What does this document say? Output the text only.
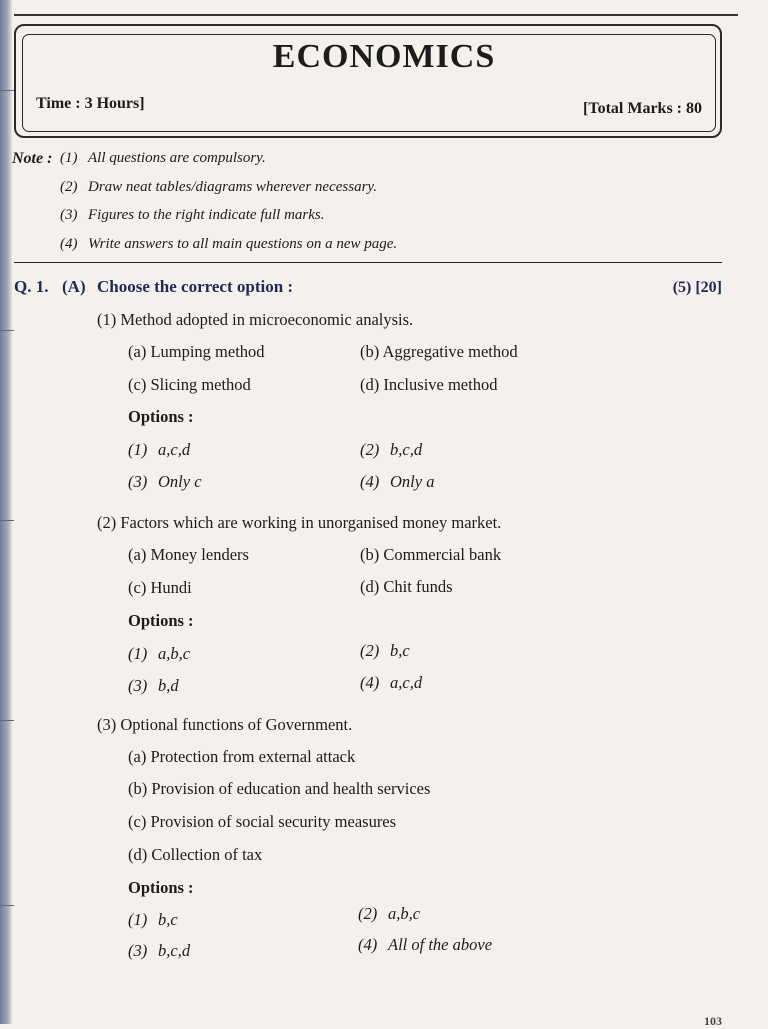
ECONOMICS
Time : 3 Hours]	[Total Marks : 80
Note : (1) All questions are compulsory.
(2) Draw neat tables/diagrams wherever necessary.
(3) Figures to the right indicate full marks.
(4) Write answers to all main questions on a new page.
Q. 1. (A) Choose the correct option :	(5) [20]
(1) Method adopted in microeconomic analysis.
(a) Lumping method	(b) Aggregative method
(c) Slicing method	(d) Inclusive method
Options :
(1) a,c,d	(2) b,c,d
(3) Only c	(4) Only a
(2) Factors which are working in unorganised money market.
(a) Money lenders	(b) Commercial bank
(c) Hundi	(d) Chit funds
Options :
(1) a,b,c	(2) b,c
(3) b,d	(4) a,c,d
(3) Optional functions of Government.
(a) Protection from external attack
(b) Provision of education and health services
(c) Provision of social security measures
(d) Collection of tax
Options :
(1) b,c	(2) a,b,c
(3) b,c,d	(4) All of the above
103
